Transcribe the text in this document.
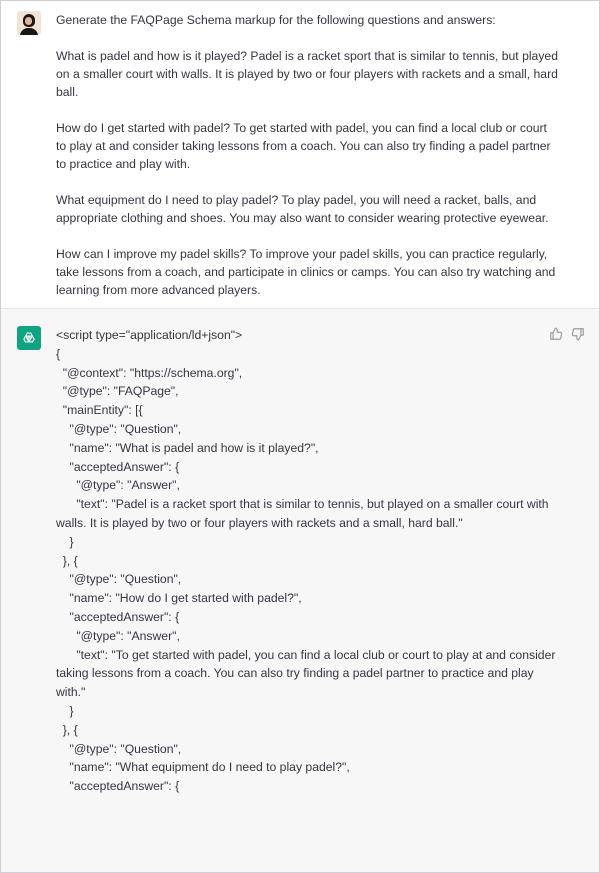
Generate the FAQPage Schema markup for the following questions and answers:

What is padel and how is it played? Padel is a racket sport that is similar to tennis, but played on a smaller court with walls. It is played by two or four players with rackets and a small, hard ball.

How do I get started with padel? To get started with padel, you can find a local club or court to play at and consider taking lessons from a coach. You can also try finding a padel partner to practice and play with.

What equipment do I need to play padel? To play padel, you will need a racket, balls, and appropriate clothing and shoes. You may also want to consider wearing protective eyewear.

How can I improve my padel skills? To improve your padel skills, you can practice regularly, take lessons from a coach, and participate in clinics or camps. You can also try watching and learning from more advanced players.

<script type="application/ld+json">
{
"@context": "https://schema.org",
"@type": "FAQPage",
"mainEntity": [{
"@type": "Question",
"name": "What is padel and how is it played?",
"acceptedAnswer": {
"@type": "Answer",
"text": "Padel is a racket sport that is similar to tennis, but played on a smaller court with walls. It is played by two or four players with rackets and a small, hard ball."
}
}, {
"@type": "Question",
"name": "How do I get started with padel?",
"acceptedAnswer": {
"@type": "Answer",
"text": "To get started with padel, you can find a local club or court to play at and consider taking lessons from a coach. You can also try finding a padel partner to practice and play with."
}
}, {
"@type": "Question",
"name": "What equipment do I need to play padel?",
"acceptedAnswer": {
